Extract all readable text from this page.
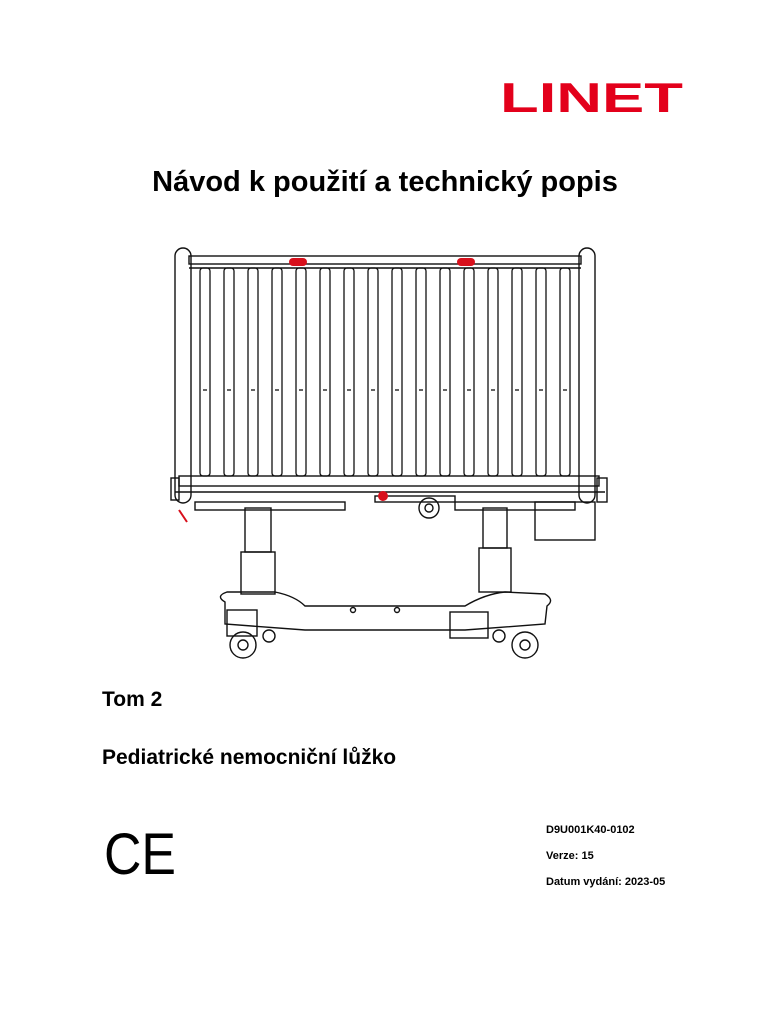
LINET
Návod k použití a technický popis
Tom 2
Pediatrické nemocniční lůžko
CE	D9U001K40-0102
Verze: 15
Datum vydání: 2023-05
